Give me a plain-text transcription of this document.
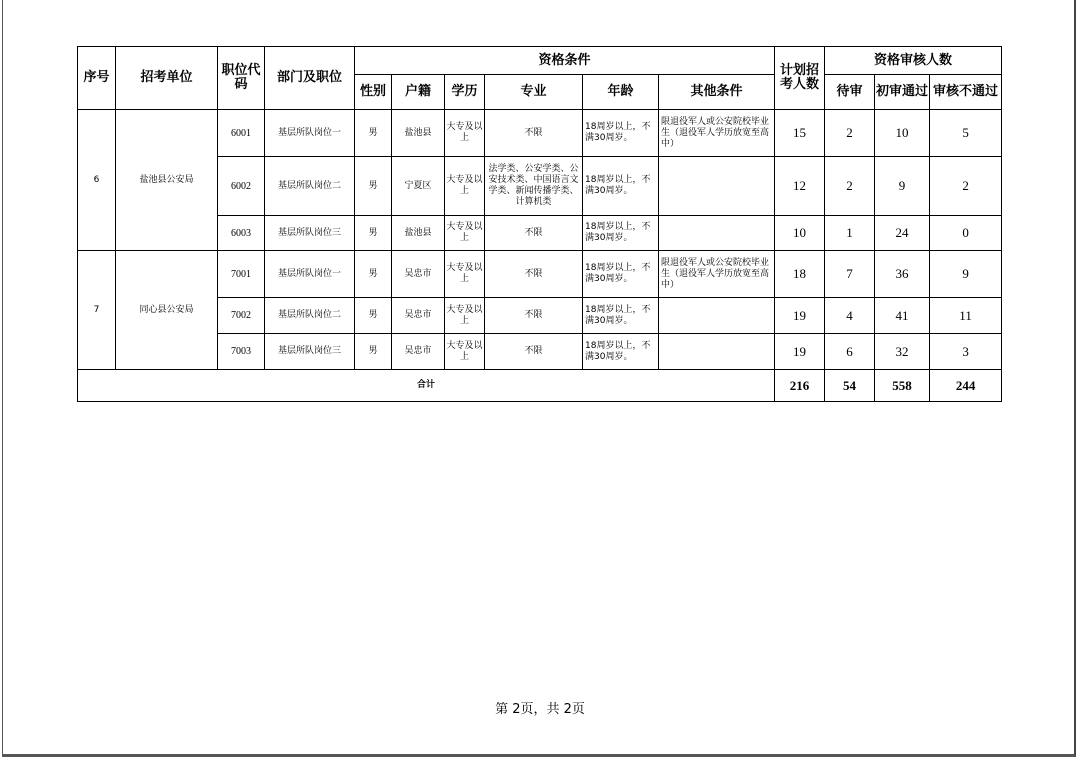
序号	招考单位	职位代码	部门及职位	资格条件						计划招考人数	资格审核人数		
				性别	户籍	学历	专业	年龄	其他条件		待审	初审通过	审核不通过
6	盐池县公安局	6001	基层所队岗位一	男	盐池县	大专及以上	不限	18周岁以上，不满30周岁。	限退役军人或公安院校毕业生（退役军人学历放宽至高中）	15	2	10	5
		6002	基层所队岗位二	男	宁夏区	大专及以上	法学类、公安学类、公安技术类、中国语言文学类、新闻传播学类、计算机类	18周岁以上，不满30周岁。		12	2	9	2
		6003	基层所队岗位三	男	盐池县	大专及以上	不限	18周岁以上，不满30周岁。		10	1	24	0
7	同心县公安局	7001	基层所队岗位一	男	吴忠市	大专及以上	不限	18周岁以上，不满30周岁。	限退役军人或公安院校毕业生（退役军人学历放宽至高中）	18	7	36	9
		7002	基层所队岗位二	男	吴忠市	大专及以上	不限	18周岁以上，不满30周岁。		19	4	41	11
		7003	基层所队岗位三	男	吴忠市	大专及以上	不限	18周岁以上，不满30周岁。		19	6	32	3
合计										216	54	558	244
第 2页，共 2页
